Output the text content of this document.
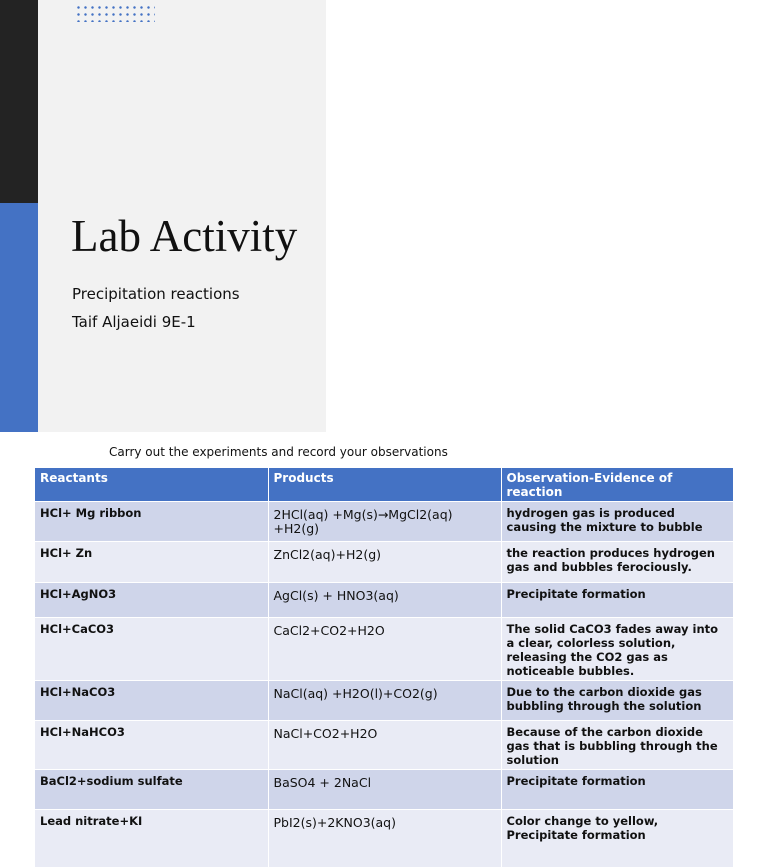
Lab Activity
Precipitation reactions
Taif Aljaeidi 9E-1
Carry out the experiments and record your observations
Reactants	Products	Observation-Evidence of reaction
HCl+ Mg ribbon	2HCl(aq) +Mg(s)→MgCl2(aq) +H2(g)	hydrogen gas is produced causing the mixture to bubble
HCl+ Zn	ZnCl2(aq)+H2(g)	the reaction produces hydrogen gas and bubbles ferociously.
HCl+AgNO3	AgCl(s) + HNO3(aq)	Precipitate formation
HCl+CaCO3	CaCl2+CO2+H2O	The solid CaCO3 fades away into a clear, colorless solution, releasing the CO2 gas as noticeable bubbles.
HCl+NaCO3	NaCl(aq) +H2O(l)+CO2(g)	Due to the carbon dioxide gas bubbling through the solution
HCl+NaHCO3	NaCl+CO2+H2O	Because of the carbon dioxide gas that is bubbling through the solution
BaCl2+sodium sulfate	BaSO4 + 2NaCl	Precipitate formation
Lead nitrate+KI	PbI2(s)+2KNO3(aq)	Color change to yellow, Precipitate formation
